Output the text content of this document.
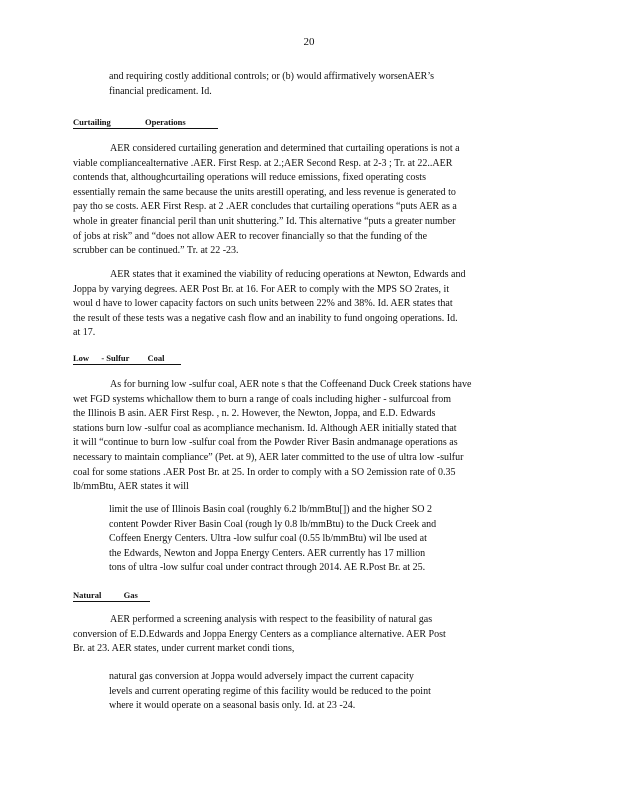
20
and requiring costly additional controls; or (b) would affirmatively worsenAER’s
financial predicament. Id.
Curtailing	Operations
AER considered curtailing generation and determined that curtailing operations is not a
viable compliancealternative .AER. First Resp. at 2.;AER Second Resp. at 2-3 ; Tr. at 22..AER
contends that, althoughcurtailing operations will reduce emissions, fixed operating costs
essentially remain the same because the units arestill operating, and less revenue is generated to
pay tho se costs. AER First Resp. at 2 .AER concludes that curtailing operations “puts AER as a
whole in greater financial peril than unit shuttering.” Id. This alternative “puts a greater number
of jobs at risk” and “does not allow AER to recover financially so that the funding of the
scrubber can be continued.” Tr. at 22 -23.
AER states that it examined the viability of reducing operations at Newton, Edwards and
Joppa by varying degrees. AER Post Br. at 16. For AER to comply with the MPS SO 2rates, it
woul d have to lower capacity factors on such units between 22% and 38%. Id. AER states that
the result of these tests was a negative cash flow and an inability to fund ongoing operations. Id.
at 17.
Low - Sulfur Coal
As for burning low -sulfur coal, AER note s that the Coffeenand Duck Creek stations have
wet FGD systems whichallow them to burn a range of coals including higher - sulfurcoal from
the Illinois B asin. AER First Resp. , n. 2. However, the Newton, Joppa, and E.D. Edwards
stations burn low -sulfur coal as acompliance mechanism. Id. Although AER initially stated that
it will “continue to burn low -sulfur coal from the Powder River Basin andmanage operations as
necessary to maintain compliance” (Pet. at 9), AER later committed to the use of ultra low -sulfur
coal for some stations .AER Post Br. at 25. In order to comply with a SO 2emission rate of 0.35
lb/mmBtu, AER states it will
limit the use of Illinois Basin coal (roughly 6.2 lb/mmBtu[]) and the higher SO 2
content Powder River Basin Coal (rough ly 0.8 lb/mmBtu) to the Duck Creek and
Coffeen Energy Centers. Ultra -low sulfur coal (0.55 lb/mmBtu) wil lbe used at
the Edwards, Newton and Joppa Energy Centers. AER currently has 17 million
tons of ultra -low sulfur coal under contract through 2014. AE R.Post Br. at 25.
Natural	Gas
AER performed a screening analysis with respect to the feasibility of natural gas
conversion of E.D.Edwards and Joppa Energy Centers as a compliance alternative. AER Post
Br. at 23. AER states, under current market condi tions,
natural gas conversion at Joppa would adversely impact the current capacity
levels and current operating regime of this facility would be reduced to the point
where it would operate on a seasonal basis only. Id. at 23 -24.
